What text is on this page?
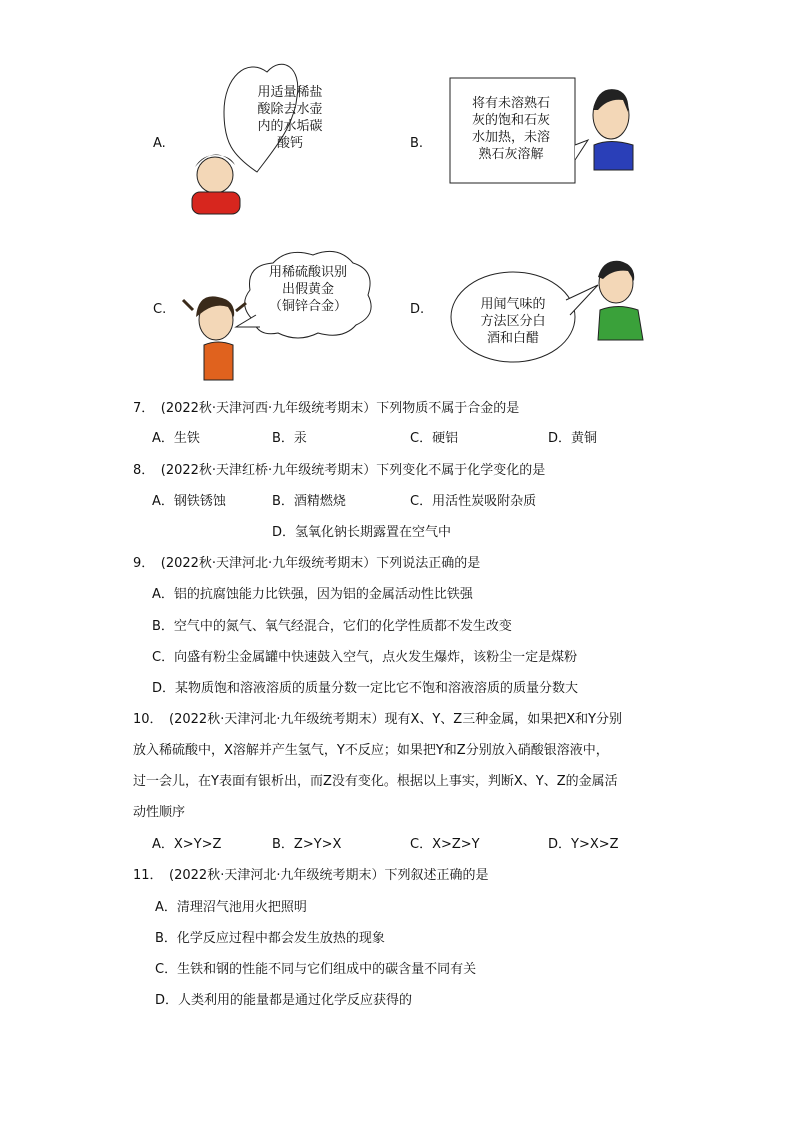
A.
用适量稀盐
酸除去水壶
内的水垢碳
酸钙	B.
将有未溶熟石
灰的饱和石灰
水加热，未溶
熟石灰溶解
C.
用稀硫酸识别
出假黄金
（铜锌合金）	D.	用闻气味的
方法区分白
酒和白醋
7．　(2022秋·天津河西·九年级统考期末）下列物质不属于合金的是
A．生铁	B．汞	C．硬铝	D．黄铜
8．　(2022秋·天津红桥·九年级统考期末）下列变化不属于化学变化的是
A．钢铁锈蚀	B．酒精燃烧	C．用活性炭吸附杂质
D．氢氧化钠长期露置在空气中
9．　(2022秋·天津河北·九年级统考期末）下列说法正确的是
A．铝的抗腐蚀能力比铁强，因为铝的金属活动性比铁强
B．空气中的氮气、氧气经混合，它们的化学性质都不发生改变
C．向盛有粉尘金属罐中快速鼓入空气，点火发生爆炸，该粉尘一定是煤粉
D．某物质饱和溶液溶质的质量分数一定比它不饱和溶液溶质的质量分数大
10．　(2022秋·天津河北·九年级统考期末）现有X、Y、Z三种金属，如果把X和Y分别
放入稀硫酸中，X溶解并产生氢气，Y不反应；如果把Y和Z分别放入硝酸银溶液中，
过一会儿，在Y表面有银析出，而Z没有变化。根据以上事实，判断X、Y、Z的金属活
动性顺序
A．X>Y>Z	B．Z>Y>X	C．X>Z>Y	D．Y>X>Z
11．　(2022秋·天津河北·九年级统考期末）下列叙述正确的是
A．清理沼气池用火把照明
B．化学反应过程中都会发生放热的现象
C．生铁和钢的性能不同与它们组成中的碳含量不同有关
D．人类利用的能量都是通过化学反应获得的
